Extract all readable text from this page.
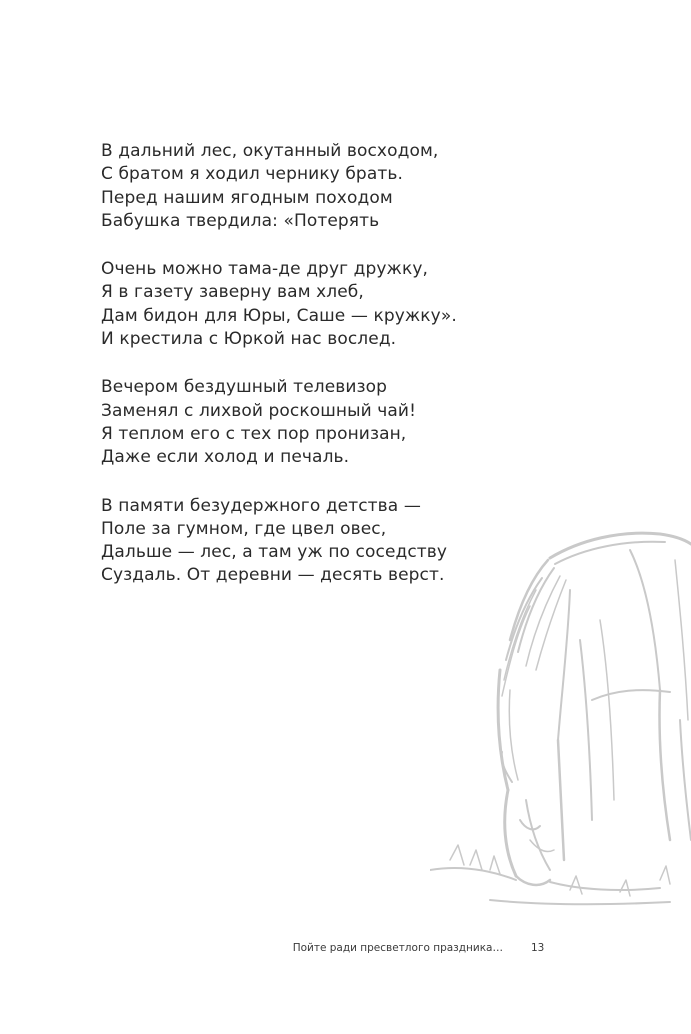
В дальний лес, окутанный восходом,
С братом я ходил чернику брать.
Перед нашим ягодным походом
Бабушка твердила: «Потерять
Очень можно тама-де друг дружку,
Я в газету заверну вам хлеб,
Дам бидон для Юры, Саше — кружку».
И крестила с Юркой нас вослед.
Вечером бездушный телевизор
Заменял с лихвой роскошный чай!
Я теплом его с тех пор пронизан,
Даже если холод и печаль.
В памяти безудержного детства —
Поле за гумном, где цвел овес,
Дальше — лес, а там уж по соседству
Суздаль. От деревни — десять верст.
Пойте ради пресветлого праздника…	13
